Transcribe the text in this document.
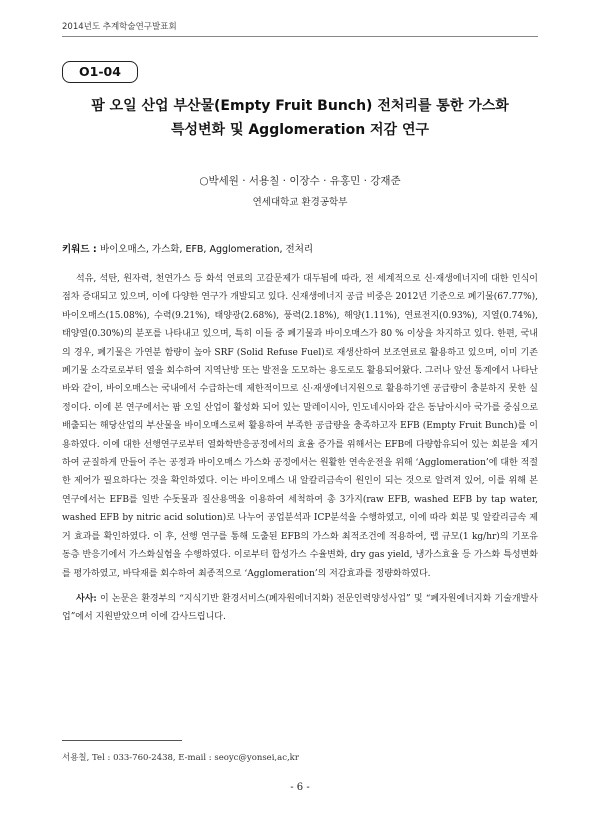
2014년도 추계학술연구발표회
O1-04
팜 오일 산업 부산물(Empty Fruit Bunch) 전처리를 통한 가스화
특성변화 및 Agglomeration 저감 연구
○박세원 · 서용칠 · 이장수 · 유홍민 · 강재준
연세대학교 환경공학부
키워드 : 바이오매스, 가스화, EFB, Agglomeration, 전처리
석유, 석탄, 원자력, 천연가스 등 화석 연료의 고갈문제가 대두됨에 따라, 전 세계적으로 신·재생에너지에 대한 인식이 점차 증대되고 있으며, 이에 다양한 연구가 개발되고 있다. 신재생에너지 공급 비중은 2012년 기준으로 폐기물(67.77%), 바이오매스(15.08%), 수력(9.21%), 태양광(2.68%), 풍력(2.18%), 해양(1.11%), 연료전지(0.93%), 지열(0.74%), 태양열(0.30%)의 분포를 나타내고 있으며, 특히 이들 중 폐기물과 바이오매스가 80 % 이상을 차지하고 있다. 한편, 국내의 경우, 폐기물은 가연분 함량이 높아 SRF (Solid Refuse Fuel)로 재생산하여 보조연료로 활용하고 있으며, 이미 기존 폐기물 소각로로부터 열을 회수하여 지역난방 또는 발전을 도모하는 용도로도 활용되어왔다. 그러나 앞선 통계에서 나타난 바와 같이, 바이오매스는 국내에서 수급하는데 제한적이므로 신·재생에너지원으로 활용하기엔 공급량이 충분하지 못한 실정이다. 이에 본 연구에서는 팜 오일 산업이 활성화 되어 있는 말레이시아, 인도네시아와 같은 동남아시아 국가를 중심으로 배출되는 해당산업의 부산물을 바이오매스로써 활용하여 부족한 공급량을 충족하고자 EFB (Empty Fruit Bunch)를 이용하였다. 이에 대한 선행연구로부터 열화학반응공정에서의 효율 증가를 위해서는 EFB에 다량함유되어 있는 회분을 제거하여 균질하게 만들어 주는 공정과 바이오매스 가스화 공정에서는 원활한 연속운전을 위해 ‘Agglomeration’에 대한 적절한 제어가 필요하다는 것을 확인하였다. 이는 바이오매스 내 알칼리금속이 원인이 되는 것으로 알려져 있어, 이를 위해 본 연구에서는 EFB를 일반 수돗물과 질산용액을 이용하여 세척하여 총 3가지(raw EFB, washed EFB by tap water, washed EFB by nitric acid solution)로 나누어 공업분석과 ICP분석을 수행하였고, 이에 따라 회분 및 알칼리금속 제거 효과를 확인하였다. 이 후, 선행 연구를 통해 도출된 EFB의 가스화 최적조건에 적용하여, 랩 규모(1 kg/hr)의 기포유동층 반응기에서 가스화실험을 수행하였다. 이로부터 합성가스 수율변화, dry gas yield, 냉가스효율 등 가스화 특성변화를 평가하였고, 바닥재를 회수하여 최종적으로 ‘Agglomeration’의 저감효과를 정량화하였다.
사사: 이 논문은 환경부의 “지식기반 환경서비스(폐자원에너지화) 전문인력양성사업” 및 “폐자원에너지화 기술개발사업”에서 지원받았으며 이에 감사드립니다.
서용칠, Tel : 033-760-2438, E-mail : seoyc@yonsei,ac,kr
- 6 -
